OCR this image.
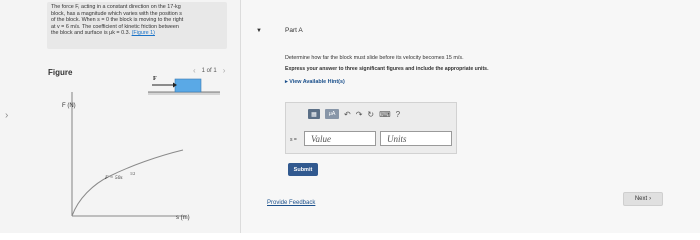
›
The force F, acting in a constant direction on the 17-kg
block, has a magnitude which varies with the position s
of the block. When s = 0 the block is moving to the right
at v = 6 m/s. The coefficient of kinetic friction between
the block and surface is μk = 0.3. (Figure 1)
Figure	‹ 1 of 1 ›
F (N)
s (m)
F = 50s
1/2
F
▼	Part A
Determine how far the block must slide before its velocity becomes 15 m/s.
Express your answer to three significant figures and include the appropriate units.
▸ View Available Hint(s)
▦	μA	↶ ↷ ↻ ⌨ ?
s =	Value	Units
Submit
Provide Feedback
Next ›
